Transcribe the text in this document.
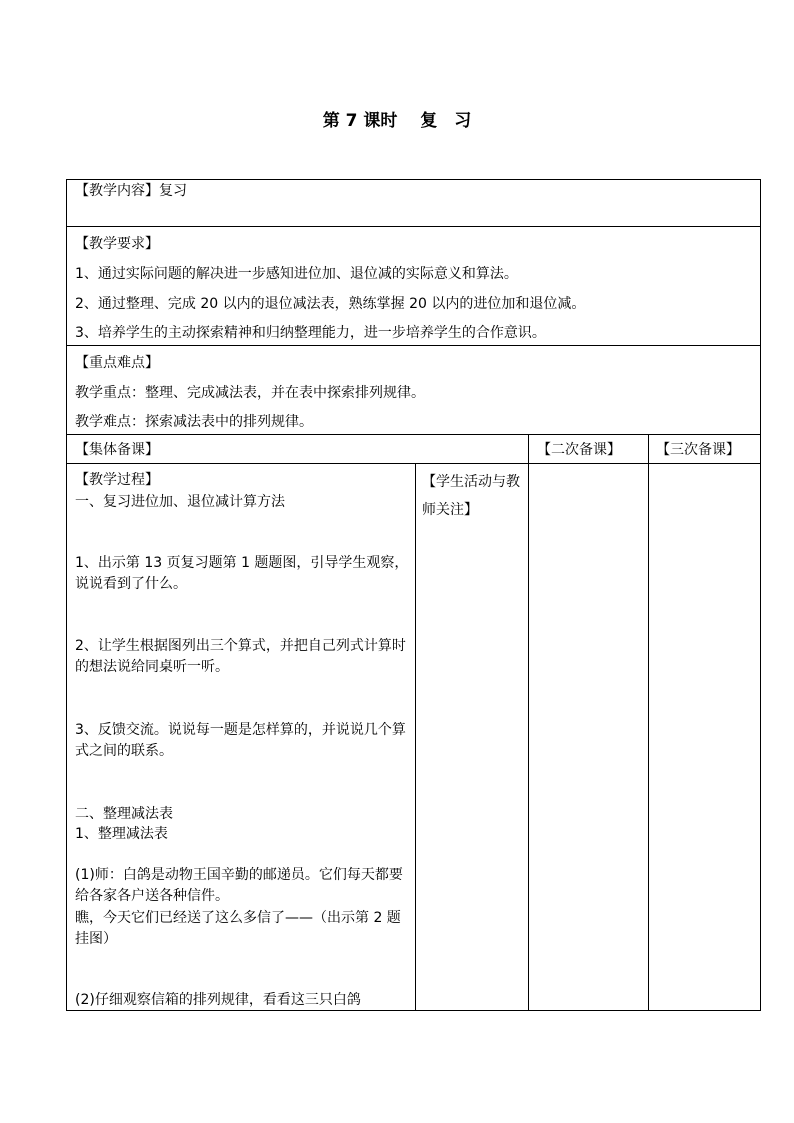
第 7 课时　 复　习
【教学内容】复习
【教学要求】
1、通过实际问题的解决进一步感知进位加、退位减的实际意义和算法。
2、通过整理、完成 20 以内的退位减法表，熟练掌握 20 以内的进位加和退位减。
3、培养学生的主动探索精神和归纳整理能力，进一步培养学生的合作意识。
【重点难点】
教学重点：整理、完成减法表，并在表中探索排列规律。
教学难点：探索减法表中的排列规律。
【集体备课】	【二次备课】	【三次备课】
【教学过程】
一、复习进位加、退位减计算方法
1、出示第 13 页复习题第 1 题题图，引导学生观察，说说看到了什么。
2、让学生根据图列出三个算式，并把自己列式计算时的想法说给同桌听一听。
3、反馈交流。说说每一题是怎样算的，并说说几个算式之间的联系。
二、整理减法表
1、整理减法表
(1)师：白鸽是动物王国辛勤的邮递员。它们每天都要给各家各户送各种信件。
瞧，今天它们已经送了这么多信了——（出示第 2 题挂图）
(2)仔细观察信箱的排列规律，看看这三只白鸽
【学生活动与教师关注】
